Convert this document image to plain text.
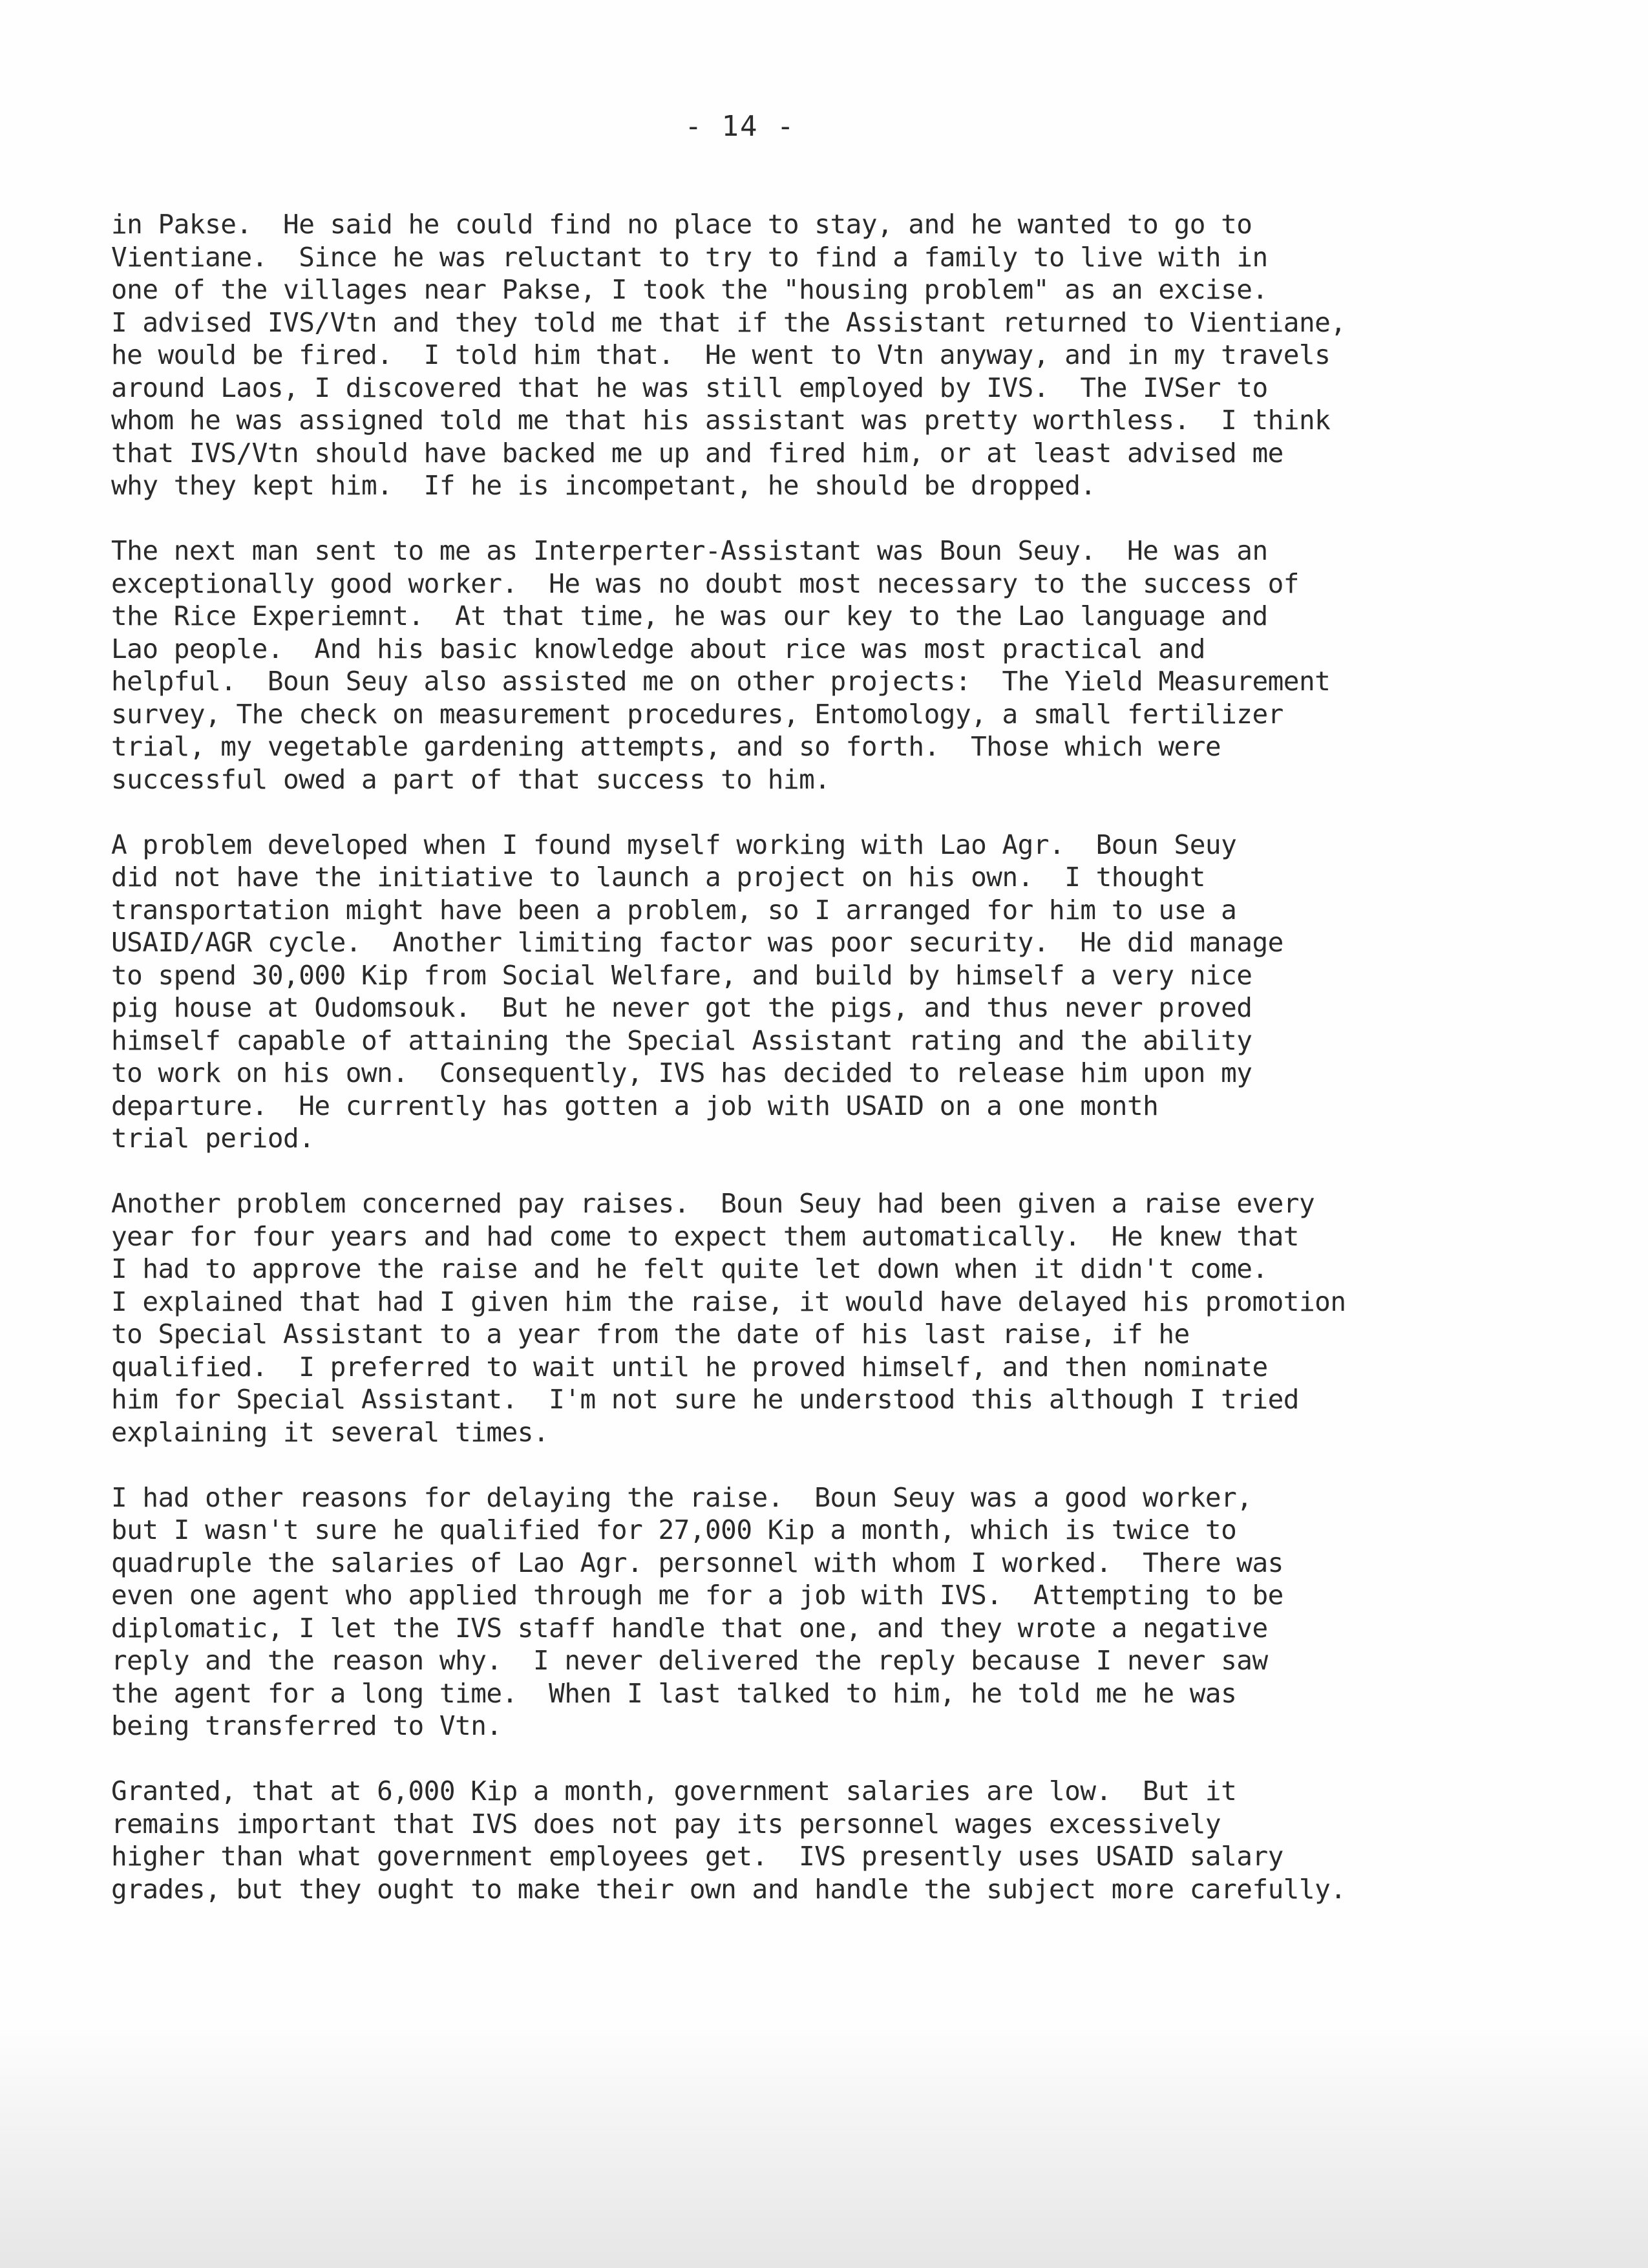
- 14 -
in Pakse.  He said he could find no place to stay, and he wanted to go to
Vientiane.  Since he was reluctant to try to find a family to live with in
one of the villages near Pakse, I took the "housing problem" as an excise.
I advised IVS/Vtn and they told me that if the Assistant returned to Vientiane,
he would be fired.  I told him that.  He went to Vtn anyway, and in my travels
around Laos, I discovered that he was still employed by IVS.  The IVSer to
whom he was assigned told me that his assistant was pretty worthless.  I think
that IVS/Vtn should have backed me up and fired him, or at least advised me
why they kept him.  If he is incompetant, he should be dropped.
The next man sent to me as Interperter-Assistant was Boun Seuy.  He was an
exceptionally good worker.  He was no doubt most necessary to the success of
the Rice Experiemnt.  At that time, he was our key to the Lao language and
Lao people.  And his basic knowledge about rice was most practical and
helpful.  Boun Seuy also assisted me on other projects:  The Yield Measurement
survey, The check on measurement procedures, Entomology, a small fertilizer
trial, my vegetable gardening attempts, and so forth.  Those which were
successful owed a part of that success to him.
A problem developed when I found myself working with Lao Agr.  Boun Seuy
did not have the initiative to launch a project on his own.  I thought
transportation might have been a problem, so I arranged for him to use a
USAID/AGR cycle.  Another limiting factor was poor security.  He did manage
to spend 30,000 Kip from Social Welfare, and build by himself a very nice
pig house at Oudomsouk.  But he never got the pigs, and thus never proved
himself capable of attaining the Special Assistant rating and the ability
to work on his own.  Consequently, IVS has decided to release him upon my
departure.  He currently has gotten a job with USAID on a one month
trial period.
Another problem concerned pay raises.  Boun Seuy had been given a raise every
year for four years and had come to expect them automatically.  He knew that
I had to approve the raise and he felt quite let down when it didn't come.
I explained that had I given him the raise, it would have delayed his promotion
to Special Assistant to a year from the date of his last raise, if he
qualified.  I preferred to wait until he proved himself, and then nominate
him for Special Assistant.  I'm not sure he understood this although I tried
explaining it several times.
I had other reasons for delaying the raise.  Boun Seuy was a good worker,
but I wasn't sure he qualified for 27,000 Kip a month, which is twice to
quadruple the salaries of Lao Agr. personnel with whom I worked.  There was
even one agent who applied through me for a job with IVS.  Attempting to be
diplomatic, I let the IVS staff handle that one, and they wrote a negative
reply and the reason why.  I never delivered the reply because I never saw
the agent for a long time.  When I last talked to him, he told me he was
being transferred to Vtn.
Granted, that at 6,000 Kip a month, government salaries are low.  But it
remains important that IVS does not pay its personnel wages excessively
higher than what government employees get.  IVS presently uses USAID salary
grades, but they ought to make their own and handle the subject more carefully.
